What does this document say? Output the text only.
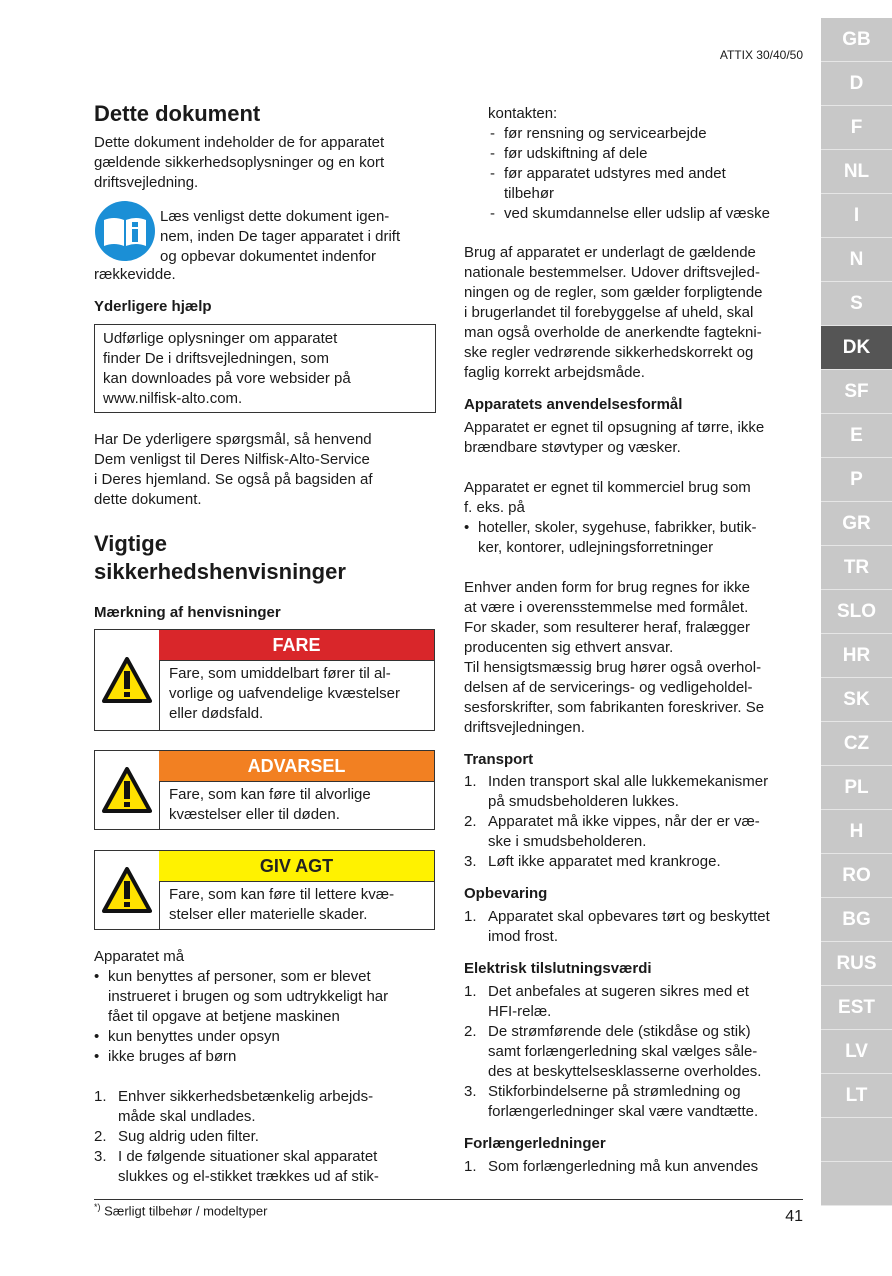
ATTIX 30/40/50
Dette dokument

Dette dokument indeholder de for apparatet

gældende sikkerhedsoplysninger og en kort

driftsvejledning.

Læs venligst dette dokument igen-

nem, inden De tager apparatet i drift

og opbevar dokumentet indenfor

rækkevidde.

Yderligere hjælp

Udførlige oplysninger om apparatet

finder De i driftsvejledningen, som

kan downloades på vore websider på

www.nilfisk-alto.com.

Har De yderligere spørgsmål, så henvend

Dem venligst til Deres Nilfisk-Alto-Service

i Deres hjemland. Se også på bagsiden af

dette dokument.

Vigtige
sikkerhedshenvisninger
Mærkning af henvisninger
FARE

Fare, som umiddelbart fører til al-

vorlige og uafvendelige kvæstelser

eller dødsfald.

ADVARSEL

Fare, som kan føre til alvorlige

kvæstelser eller til døden.

GIV AGT

Fare, som kan føre til lettere kvæ-

stelser eller materielle skader.

Apparatet må

• kun benyttes af personer, som er blevet
instrueret i brugen og som udtrykkeligt har
fået til opgave at betjene maskinen
• kun benyttes under opsyn
• ikke bruges af børn
1. Enhver sikkerhedsbetænkelig arbejds-
måde skal undlades.
2. Sug aldrig uden filter.
3. I de følgende situationer skal apparatet
slukkes og el-stikket trækkes ud af stik-
kontakten:
- før rensning og servicearbejde
- før udskiftning af dele
- før apparatet udstyres med andet
tilbehør
- ved skumdannelse eller udslip af væske

Brug af apparatet er underlagt de gældende

nationale bestemmelser. Udover driftsvejled-

ningen og de regler, som gælder forpligtende

i brugerlandet til forebyggelse af uheld, skal

man også overholde de anerkendte fagtekni-

ske regler vedrørende sikkerhedskorrekt og

faglig korrekt arbejdsmåde.

Apparatets anvendelsesformål

Apparatet er egnet til opsugning af tørre, ikke

brændbare støvtyper og væsker.

Apparatet er egnet til kommerciel brug som

f. eks. på

• hoteller, skoler, sygehuse, fabrikker, butik-
ker, kontorer, udlejningsforretninger

Enhver anden form for brug regnes for ikke

at være i overensstemmelse med formålet.

For skader, som resulterer heraf, fralægger

producenten sig ethvert ansvar.

Til hensigtsmæssig brug hører også overhol-

delsen af de servicerings- og vedligeholdel-

sesforskrifter, som fabrikanten foreskriver. Se

driftsvejledningen.

Transport
1. Inden transport skal alle lukkemekanismer
på smudsbeholderen lukkes.
2. Apparatet må ikke vippes, når der er væ-
ske i smudsbeholderen.
3. Løft ikke apparatet med krankroge.
Opbevaring
1. Apparatet skal opbevares tørt og beskyttet
imod frost.
Elektrisk tilslutningsværdi
1. Det anbefales at sugeren sikres med et
HFI-relæ.
2. De strømførende dele (stikdåse og stik)
samt forlængerledning skal vælges såle-
des at beskyttelsesklasserne overholdes.
3. Stikforbindelserne på strømledning og
forlængerledninger skal være vandtætte.
Forlængerledninger
1. Som forlængerledning må kun anvendes
*) Særligt tilbehør / modeltyper	41
GB
D
F
NL
I
N
S
DK
SF
E
P
GR
TR
SLO
HR
SK
CZ
PL
H
RO
BG
RUS
EST
LV
LT
